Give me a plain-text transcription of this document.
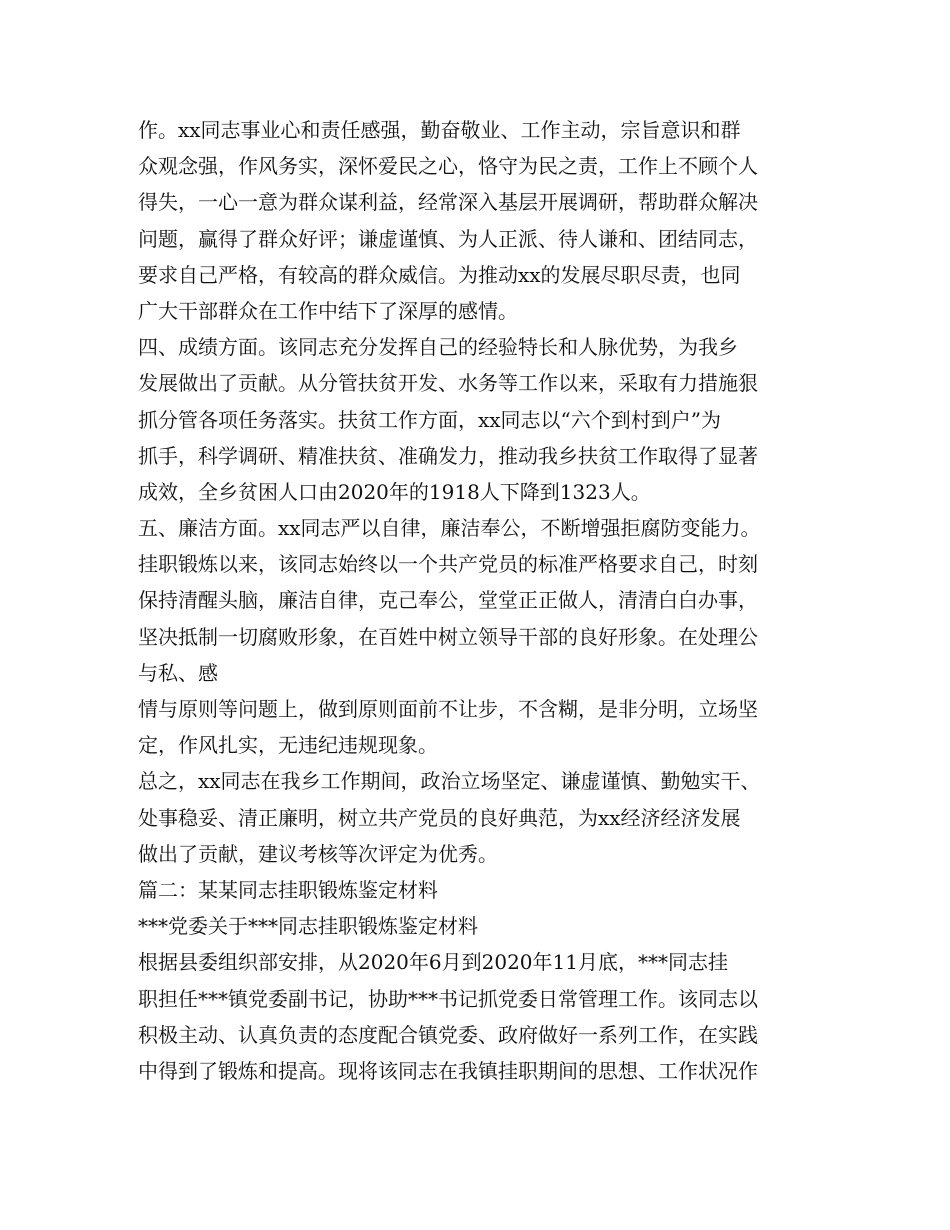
作。xx同志事业心和责任感强，勤奋敬业、工作主动，宗旨意识和群
众观念强，作风务实，深怀爱民之心，恪守为民之责，工作上不顾个人
得失，一心一意为群众谋利益，经常深入基层开展调研，帮助群众解决
问题，赢得了群众好评；谦虚谨慎、为人正派、待人谦和、团结同志，
要求自己严格，有较高的群众威信。为推动xx的发展尽职尽责，也同
广大干部群众在工作中结下了深厚的感情。
四、成绩方面。该同志充分发挥自己的经验特长和人脉优势，为我乡
发展做出了贡献。从分管扶贫开发、水务等工作以来，采取有力措施狠
抓分管各项任务落实。扶贫工作方面，xx同志以“六个到村到户”为
抓手，科学调研、精准扶贫、准确发力，推动我乡扶贫工作取得了显著
成效，全乡贫困人口由2020年的1918人下降到1323人。
五、廉洁方面。xx同志严以自律，廉洁奉公，不断增强拒腐防变能力。
挂职锻炼以来，该同志始终以一个共产党员的标准严格要求自己，时刻
保持清醒头脑，廉洁自律，克己奉公，堂堂正正做人，清清白白办事，
坚决抵制一切腐败形象，在百姓中树立领导干部的良好形象。在处理公
与私、感
情与原则等问题上，做到原则面前不让步，不含糊，是非分明，立场坚
定，作风扎实，无违纪违规现象。
总之，xx同志在我乡工作期间，政治立场坚定、谦虚谨慎、勤勉实干、
处事稳妥、清正廉明，树立共产党员的良好典范，为xx经济经济发展
做出了贡献，建议考核等次评定为优秀。
篇二：某某同志挂职锻炼鉴定材料
***党委关于***同志挂职锻炼鉴定材料
根据县委组织部安排，从2020年6月到2020年11月底，***同志挂
职担任***镇党委副书记，协助***书记抓党委日常管理工作。该同志以
积极主动、认真负责的态度配合镇党委、政府做好一系列工作，在实践
中得到了锻炼和提高。现将该同志在我镇挂职期间的思想、工作状况作
